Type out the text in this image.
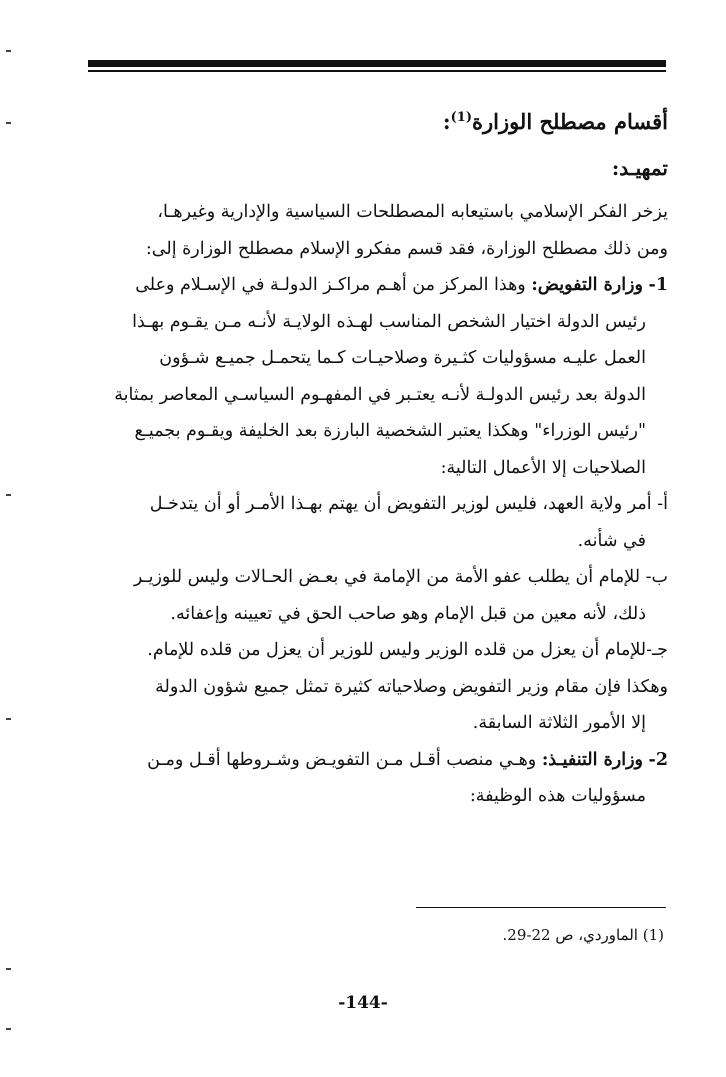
أقسام مصطلح الوزارة$^{(1)}$:
تمهيـد:

يزخر الفكر الإسلامي باستيعابه المصطلحات السياسية والإدارية وغيرهـا،

ومن ذلك مصطلح الوزارة، فقد قسم مفكرو الإسلام مصطلح الوزارة إلى:

1- وزارة التفويض: وهذا المركز من أهـم مراكـز الدولـة في الإسـلام وعلى

رئيس الدولة اختيار الشخص المناسب لهـذه الولايـة لأنـه مـن يقـوم بهـذا

العمل عليـه مسؤوليات كثـيرة وصلاحيـات كـما يتحمـل جميـع شـؤون

الدولة بعد رئيس الدولـة لأنـه يعتـبر في المفهـوم السياسـي المعاصر بمثابة

"رئيس الوزراء" وهكذا يعتبر الشخصية البارزة بعد الخليفة ويقـوم بجميـع

الصلاحيات إلا الأعمال التالية:

أ- أمر ولاية العهد، فليس لوزير التفويض أن يهتم بهـذا الأمـر أو أن يتدخـل

في شأنه.

ب- للإمام أن يطلب عفو الأمة من الإمامة في بعـض الحـالات وليس للوزيـر

ذلك، لأنه معين من قبل الإمام وهو صاحب الحق في تعيينه وإعفائه.

جـ-للإمام أن يعزل من قلده الوزير وليس للوزير أن يعزل من قلده للإمام.

وهكذا فإن مقام وزير التفويض وصلاحياته كثيرة تمثل جميع شؤون الدولة

إلا الأمور الثلاثة السابقة.

2- وزارة التنفيـذ: وهـي منصب أقـل مـن التفويـض وشـروطها أقـل ومـن

مسؤوليات هذه الوظيفة:

(1) الماوردي، ص 22-29.
-144-
